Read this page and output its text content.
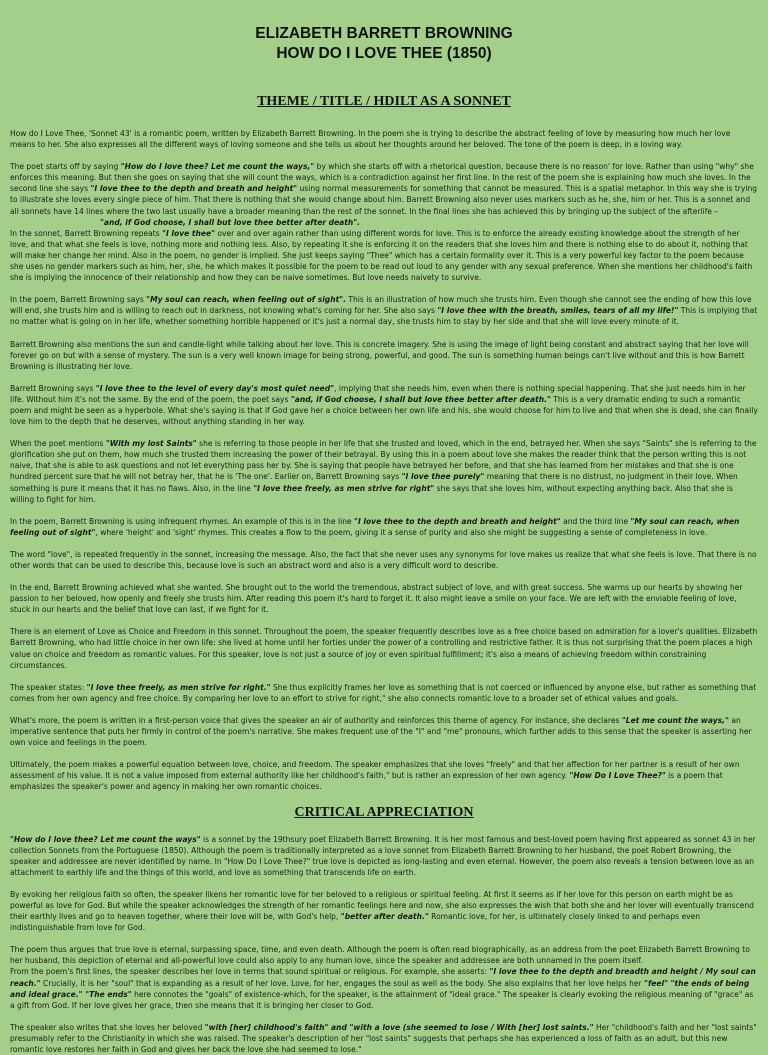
ELIZABETH BARRETT BROWNING
HOW DO I LOVE THEE (1850)
THEME / TITLE / HDILT AS A SONNET

How do I Love Thee, 'Sonnet 43' is a romantic poem, written by Elizabeth Barrett Browning. In the poem she is trying to describe the abstract feeling of love by measuring how much her love means to her. She also expresses all the different ways of loving someone and she tells us about her thoughts around her beloved. The tone of the poem is deep, in a loving way.

The poet starts off by saying "How do I love thee? Let me count the ways," by which she starts off with a rhetorical question, because there is no reason' for love. Rather than using "why" she enforces this meaning. But then she goes on saying that she will count the ways, which is a contradiction against her first line. In the rest of the poem she is explaining how much she loves. In the second line she says "I love thee to the depth and breath and height" using normal measurements for something that cannot be measured. This is a spatial metaphor. In this way she is trying to illustrate she loves every single piece of him. That there is nothing that she would change about him. Barrett Browning also never uses markers such as he, she, him or her. This is a sonnet and all sonnets have 14 lines where the two last usually have a broader meaning than the rest of the sonnet. In the final lines she has achieved this by bringing up the subject of the afterlife –
"and, if God choose, I shall but love thee better after death".
In the sonnet, Barrett Browning repeats "I love thee" over and over again rather than using different words for love. This is to enforce the already existing knowledge about the strength of her love, and that what she feels is love, nothing more and nothing less. Also, by repeating it she is enforcing it on the readers that she loves him and there is nothing else to do about it, nothing that will make her change her mind. Also in the poem, no gender is implied. She just keeps saying "Thee" which has a certain formality over it. This is a very powerful key factor to the poem because she uses no gender markers such as him, her, she, he which makes it possible for the poem to be read out loud to any gender with any sexual preference. When she mentions her childhood's faith she is implying the innocence of their relationship and how they can be naive sometimes. But love needs naivety to survive.

In the poem, Barrett Browning says "My soul can reach, when feeling out of sight". This is an illustration of how much she trusts him. Even though she cannot see the ending of how this love will end, she trusts him and is willing to reach out in darkness, not knowing what's coming for her. She also says "I love thee with the breath, smiles, tears of all my life!" This is implying that no matter what is going on in her life, whether something horrible happened or it's just a normal day, she trusts him to stay by her side and that she will love every minute of it.

Barrett Browning also mentions the sun and candle-light while talking about her love. This is concrete imagery. She is using the image of light being constant and abstract saying that her love will forever go on but with a sense of mystery. The sun is a very well known image for being strong, powerful, and good. The sun is something human beings can't live without and this is how Barrett Browning is illustrating her love.

Barrett Browning says "I love thee to the level of every day's most quiet need", implying that she needs him, even when there is nothing special happening. That she just needs him in her life. Without him it's not the same. By the end of the poem, the poet says "and, if God choose, I shall but love thee better after death." This is a very dramatic ending to such a romantic poem and might be seen as a hyperbole. What she's saying is that if God gave her a choice between her own life and his, she would choose for him to live and that when she is dead, she can finally love him to the depth that he deserves, without anything standing in her way.

When the poet mentions "With my lost Saints" she is referring to those people in her life that she trusted and loved, which in the end, betrayed her. When she says "Saints" she is referring to the glorification she put on them, how much she trusted them increasing the power of their betrayal. By using this in a poem about love she makes the reader think that the person writing this is not naive, that she is able to ask questions and not let everything pass her by. She is saying that people have betrayed her before, and that she has learned from her mistakes and that she is one hundred percent sure that he will not betray her, that he is 'The one'. Earlier on, Barrett Browning says "I love thee purely" meaning that there is no distrust, no judgment in their love. When something is pure it means that it has no flaws. Also, in the line "I love thee freely, as men strive for right" she says that she loves him, without expecting anything back. Also that she is willing to fight for him.

In the poem, Barrett Browning is using infrequent rhymes. An example of this is in the line "I love thee to the depth and breath and height" and the third line "My soul can reach, when feeling out of sight", where 'height' and 'sight' rhymes. This creates a flow to the poem, giving it a sense of purity and also she might be suggesting a sense of completeness in love.

The word "love", is repeated frequently in the sonnet, increasing the message. Also, the fact that she never uses any synonyms for love makes us realize that what she feels is love. That there is no other words that can be used to describe this, because love is such an abstract word and also is a very difficult word to describe.

In the end, Barrett Browning achieved what she wanted. She brought out to the world the tremendous, abstract subject of love, and with great success. She warms up our hearts by showing her passion to her beloved, how openly and freely she trusts him. After reading this poem it's hard to forget it. It also might leave a smile on your face. We are left with the enviable feeling of love, stuck in our hearts and the belief that love can last, if we fight for it.

There is an element of Love as Choice and Freedom in this sonnet. Throughout the poem, the speaker frequently describes love as a free choice based on admiration for a lover's qualities. Elizabeth Barrett Browning, who had little choice in her own life: she lived at home until her forties under the power of a controlling and restrictive father. It is thus not surprising that the poem places a high value on choice and freedom as romantic values. For this speaker, love is not just a source of joy or even spiritual fulfillment; it's also a means of achieving freedom within constraining circumstances.

The speaker states: "I love thee freely, as men strive for right." She thus explicitly frames her love as something that is not coerced or influenced by anyone else, but rather as something that comes from her own agency and free choice. By comparing her love to an effort to strive for right," she also connects romantic love to a broader set of ethical values and goals.

What's more, the poem is written in a first-person voice that gives the speaker an air of authority and reinforces this theme of agency. For instance, she declares "Let me count the ways," an imperative sentence that puts her firmly in control of the poem's narrative. She makes frequent use of the "I" and "me" pronouns, which further adds to this sense that the speaker is asserting her own voice and feelings in the poem.

Ultimately, the poem makes a powerful equation between love, choice, and freedom. The speaker emphasizes that she loves "freely" and that her affection for her partner is a result of her own assessment of his value. It is not a value imposed from external authority like her childhood's faith," but is rather an expression of her own agency. "How Do I Love Thee?" is a poem that emphasizes the speaker's power and agency in making her own romantic choices.

CRITICAL APPRECIATION

"How do I love thee? Let me count the ways" is a sonnet by the 19thsury poet Elizabeth Barrett Browning. It is her most famous and best-loved poem having first appeared as sonnet 43 in her collection Sonnets from the Portuguese (1850). Although the poem is traditionally interpreted as a love sonnet from Elizabeth Barrett Browning to her husband, the poet Robert Browning, the speaker and addressee are never identified by name. In "How Do I Love Thee?" true love is depicted as long-lasting and even eternal. However, the poem also reveals a tension between love as an attachment to earthly life and the things of this world, and love as something that transcends life on earth.

By evoking her religious faith so often, the speaker likens her romantic love for her beloved to a religious or spiritual feeling. At first it seems as if her love for this person on earth might be as powerful as love for God. But while the speaker acknowledges the strength of her romantic feelings here and now, she also expresses the wish that both she and her lover will eventually transcend their earthly lives and go to heaven together, where their love will be, with God's help, "better after death." Romantic love, for her, is ultimately closely linked to and perhaps even indistinguishable from love for God.

The poem thus argues that true love is eternal, surpassing space, time, and even death. Although the poem is often read biographically, as an address from the poet Elizabeth Barrett Browning to her husband, this depiction of eternal and all-powerful love could also apply to any human love, since the speaker and addressee are both unnamed in the poem itself.
From the poem's first lines, the speaker describes her love in terms that sound spiritual or religious. For example, she asserts: "I love thee to the depth and breadth and height / My soul can reach." Crucially, it is her "soul" that is expanding as a result of her love. Love, for her, engages the soul as well as the body. She also explains that her love helps her "feel" "the ends of being and ideal grace." "The ends" here connotes the "goals" of existence-which, for the speaker, is the attainment of "ideal grace." The speaker is clearly evoking the religious meaning of "grace" as a gift from God. If her love gives her grace, then she means that it is bringing her closer to God.

The speaker also writes that she loves her beloved "with [her] childhood's faith" and "with a love (she seemed to lose / With [her] lost saints." Her "childhood's faith and her "lost saints" presumably refer to the Christianity in which she was raised. The speaker's description of her "lost saints" suggests that perhaps she has experienced a loss of faith as an adult, but this new romantic love restores her faith in God and gives her back the love she had seemed to lose."
